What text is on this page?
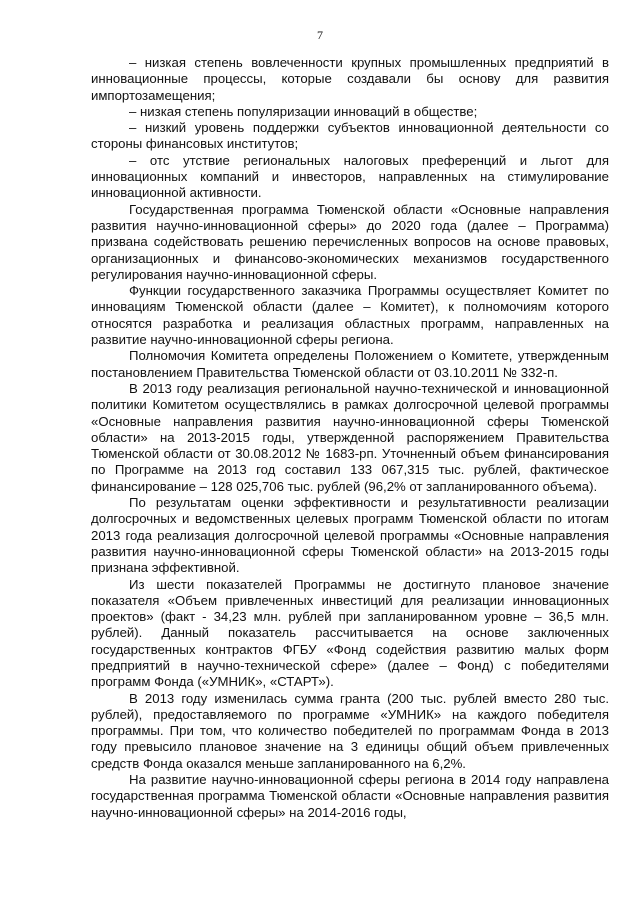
7

– низкая степень вовлеченности крупных промышленных предприятий в инновационные процессы, которые создавали бы основу для развития импортозамещения;

– низкая степень популяризации инноваций в обществе;

– низкий уровень поддержки субъектов инновационной деятельности со стороны финансовых институтов;

– отс утствие региональных налоговых преференций и льгот для инновационных компаний и инвесторов, направленных на стимулирование инновационной активности.

Государственная программа Тюменской области «Основные направления развития научно-инновационной сферы» до 2020 года (далее – Программа) призвана содействовать решению перечисленных вопросов на основе правовых, организационных и финансово-экономических механизмов государственного регулирования научно-инновационной сферы.

Функции государственного заказчика Программы осуществляет Комитет по инновациям Тюменской области (далее – Комитет), к полномочиям которого относятся разработка и реализация областных программ, направленных на развитие научно-инновационной сферы региона.

Полномочия Комитета определены Положением о Комитете, утвержденным постановлением Правительства Тюменской области от 03.10.2011 № 332-п.

В 2013 году реализация региональной научно-технической и инновационной политики Комитетом осуществлялись в рамках долгосрочной целевой программы «Основные направления развития научно-инновационной сферы Тюменской области» на 2013-2015 годы, утвержденной распоряжением Правительства Тюменской области от 30.08.2012 № 1683-рп. Уточненный объем финансирования по Программе на 2013 год составил 133 067,315 тыс. рублей, фактическое финансирование – 128 025,706 тыс. рублей (96,2% от запланированного объема).

По результатам оценки эффективности и результативности реализации долгосрочных и ведомственных целевых программ Тюменской области по итогам 2013 года реализация долгосрочной целевой программы «Основные направления развития научно-инновационной сферы Тюменской области» на 2013-2015 годы признана эффективной.

Из шести показателей Программы не достигнуто плановое значение показателя «Объем привлеченных инвестиций для реализации инновационных проектов» (факт - 34,23 млн. рублей при запланированном уровне – 36,5 млн. рублей). Данный показатель рассчитывается на основе заключенных государственных контрактов ФГБУ «Фонд содействия развитию малых форм предприятий в научно-технической сфере» (далее – Фонд) с победителями программ Фонда («УМНИК», «СТАРТ»).

В 2013 году изменилась сумма гранта (200 тыс. рублей вместо 280 тыс. рублей), предоставляемого по программе «УМНИК» на каждого победителя программы. При том, что количество победителей по программам Фонда в 2013 году превысило плановое значение на 3 единицы общий объем привлеченных средств Фонда оказался меньше запланированного на 6,2%.

На развитие научно-инновационной сферы региона в 2014 году направлена государственная программа Тюменской области «Основные направления развития научно-инновационной сферы» на 2014-2016 годы,
